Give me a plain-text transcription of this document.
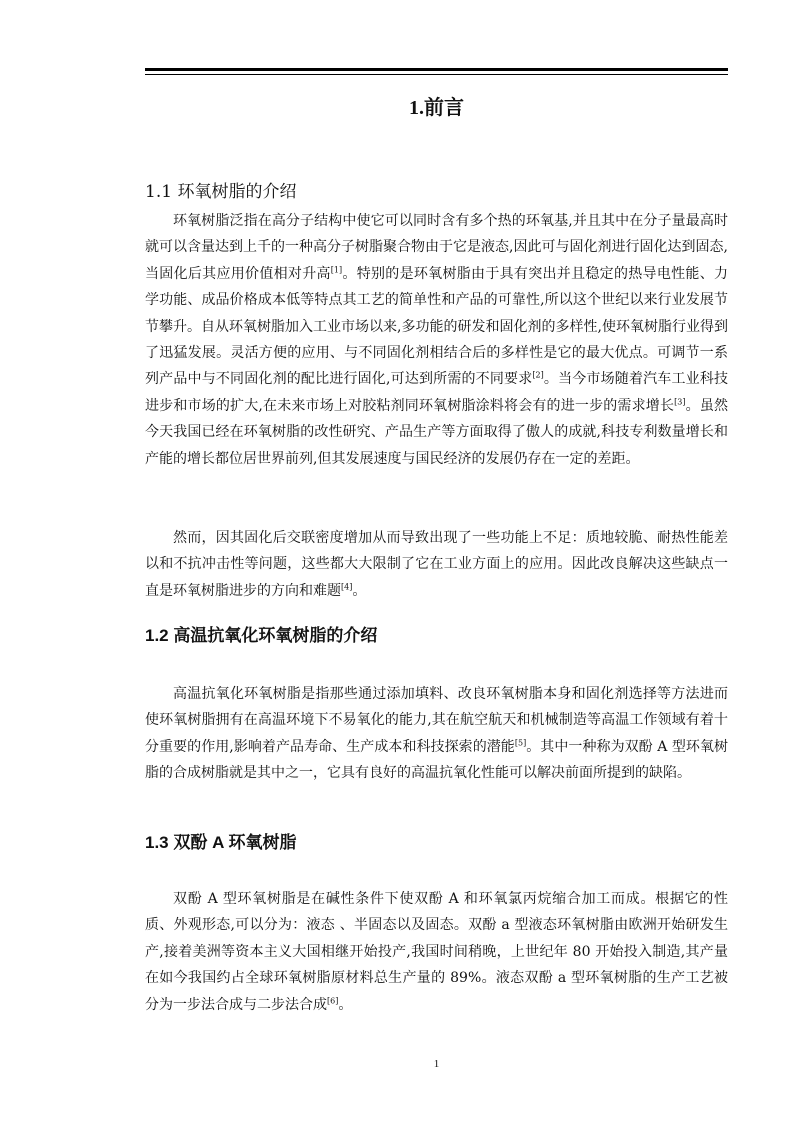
1.前言
1.1 环氧树脂的介绍

环氧树脂泛指在高分子结构中使它可以同时含有多个热的环氧基,并且其中在分子量最高时就可以含量达到上千的一种高分子树脂聚合物由于它是液态,因此可与固化剂进行固化达到固态,当固化后其应用价值相对升高[1]。特别的是环氧树脂由于具有突出并且稳定的热导电性能、力学功能、成品价格成本低等特点其工艺的简单性和产品的可靠性,所以这个世纪以来行业发展节节攀升。自从环氧树脂加入工业市场以来,多功能的研发和固化剂的多样性,使环氧树脂行业得到了迅猛发展。灵活方便的应用、与不同固化剂相结合后的多样性是它的最大优点。可调节一系列产品中与不同固化剂的配比进行固化,可达到所需的不同要求[2]。当今市场随着汽车工业科技进步和市场的扩大,在未来市场上对胶粘剂同环氧树脂涂料将会有的进一步的需求增长[3]。虽然今天我国已经在环氧树脂的改性研究、产品生产等方面取得了傲人的成就,科技专利数量增长和产能的增长都位居世界前列,但其发展速度与国民经济的发展仍存在一定的差距。

然而，因其固化后交联密度增加从而导致出现了一些功能上不足：质地较脆、耐热性能差以和不抗冲击性等问题，这些都大大限制了它在工业方面上的应用。因此改良解决这些缺点一直是环氧树脂进步的方向和难题[4]。

1.2 高温抗氧化环氧树脂的介绍

高温抗氧化环氧树脂是指那些通过添加填料、改良环氧树脂本身和固化剂选择等方法进而使环氧树脂拥有在高温环境下不易氧化的能力,其在航空航天和机械制造等高温工作领域有着十分重要的作用,影响着产品寿命、生产成本和科技探索的潜能[5]。其中一种称为双酚 A 型环氧树脂的合成树脂就是其中之一，它具有良好的高温抗氧化性能可以解决前面所提到的缺陷。

1.3 双酚 A 环氧树脂

双酚 A 型环氧树脂是在碱性条件下使双酚 A 和环氧氯丙烷缩合加工而成。根据它的性质、外观形态,可以分为：液态 、半固态以及固态。双酚 a 型液态环氧树脂由欧洲开始研发生产,接着美洲等资本主义大国相继开始投产,我国时间稍晚，上世纪年 80 开始投入制造,其产量在如今我国约占全球环氧树脂原材料总生产量的 89%。液态双酚 a 型环氧树脂的生产工艺被分为一步法合成与二步法合成[6]。

1
